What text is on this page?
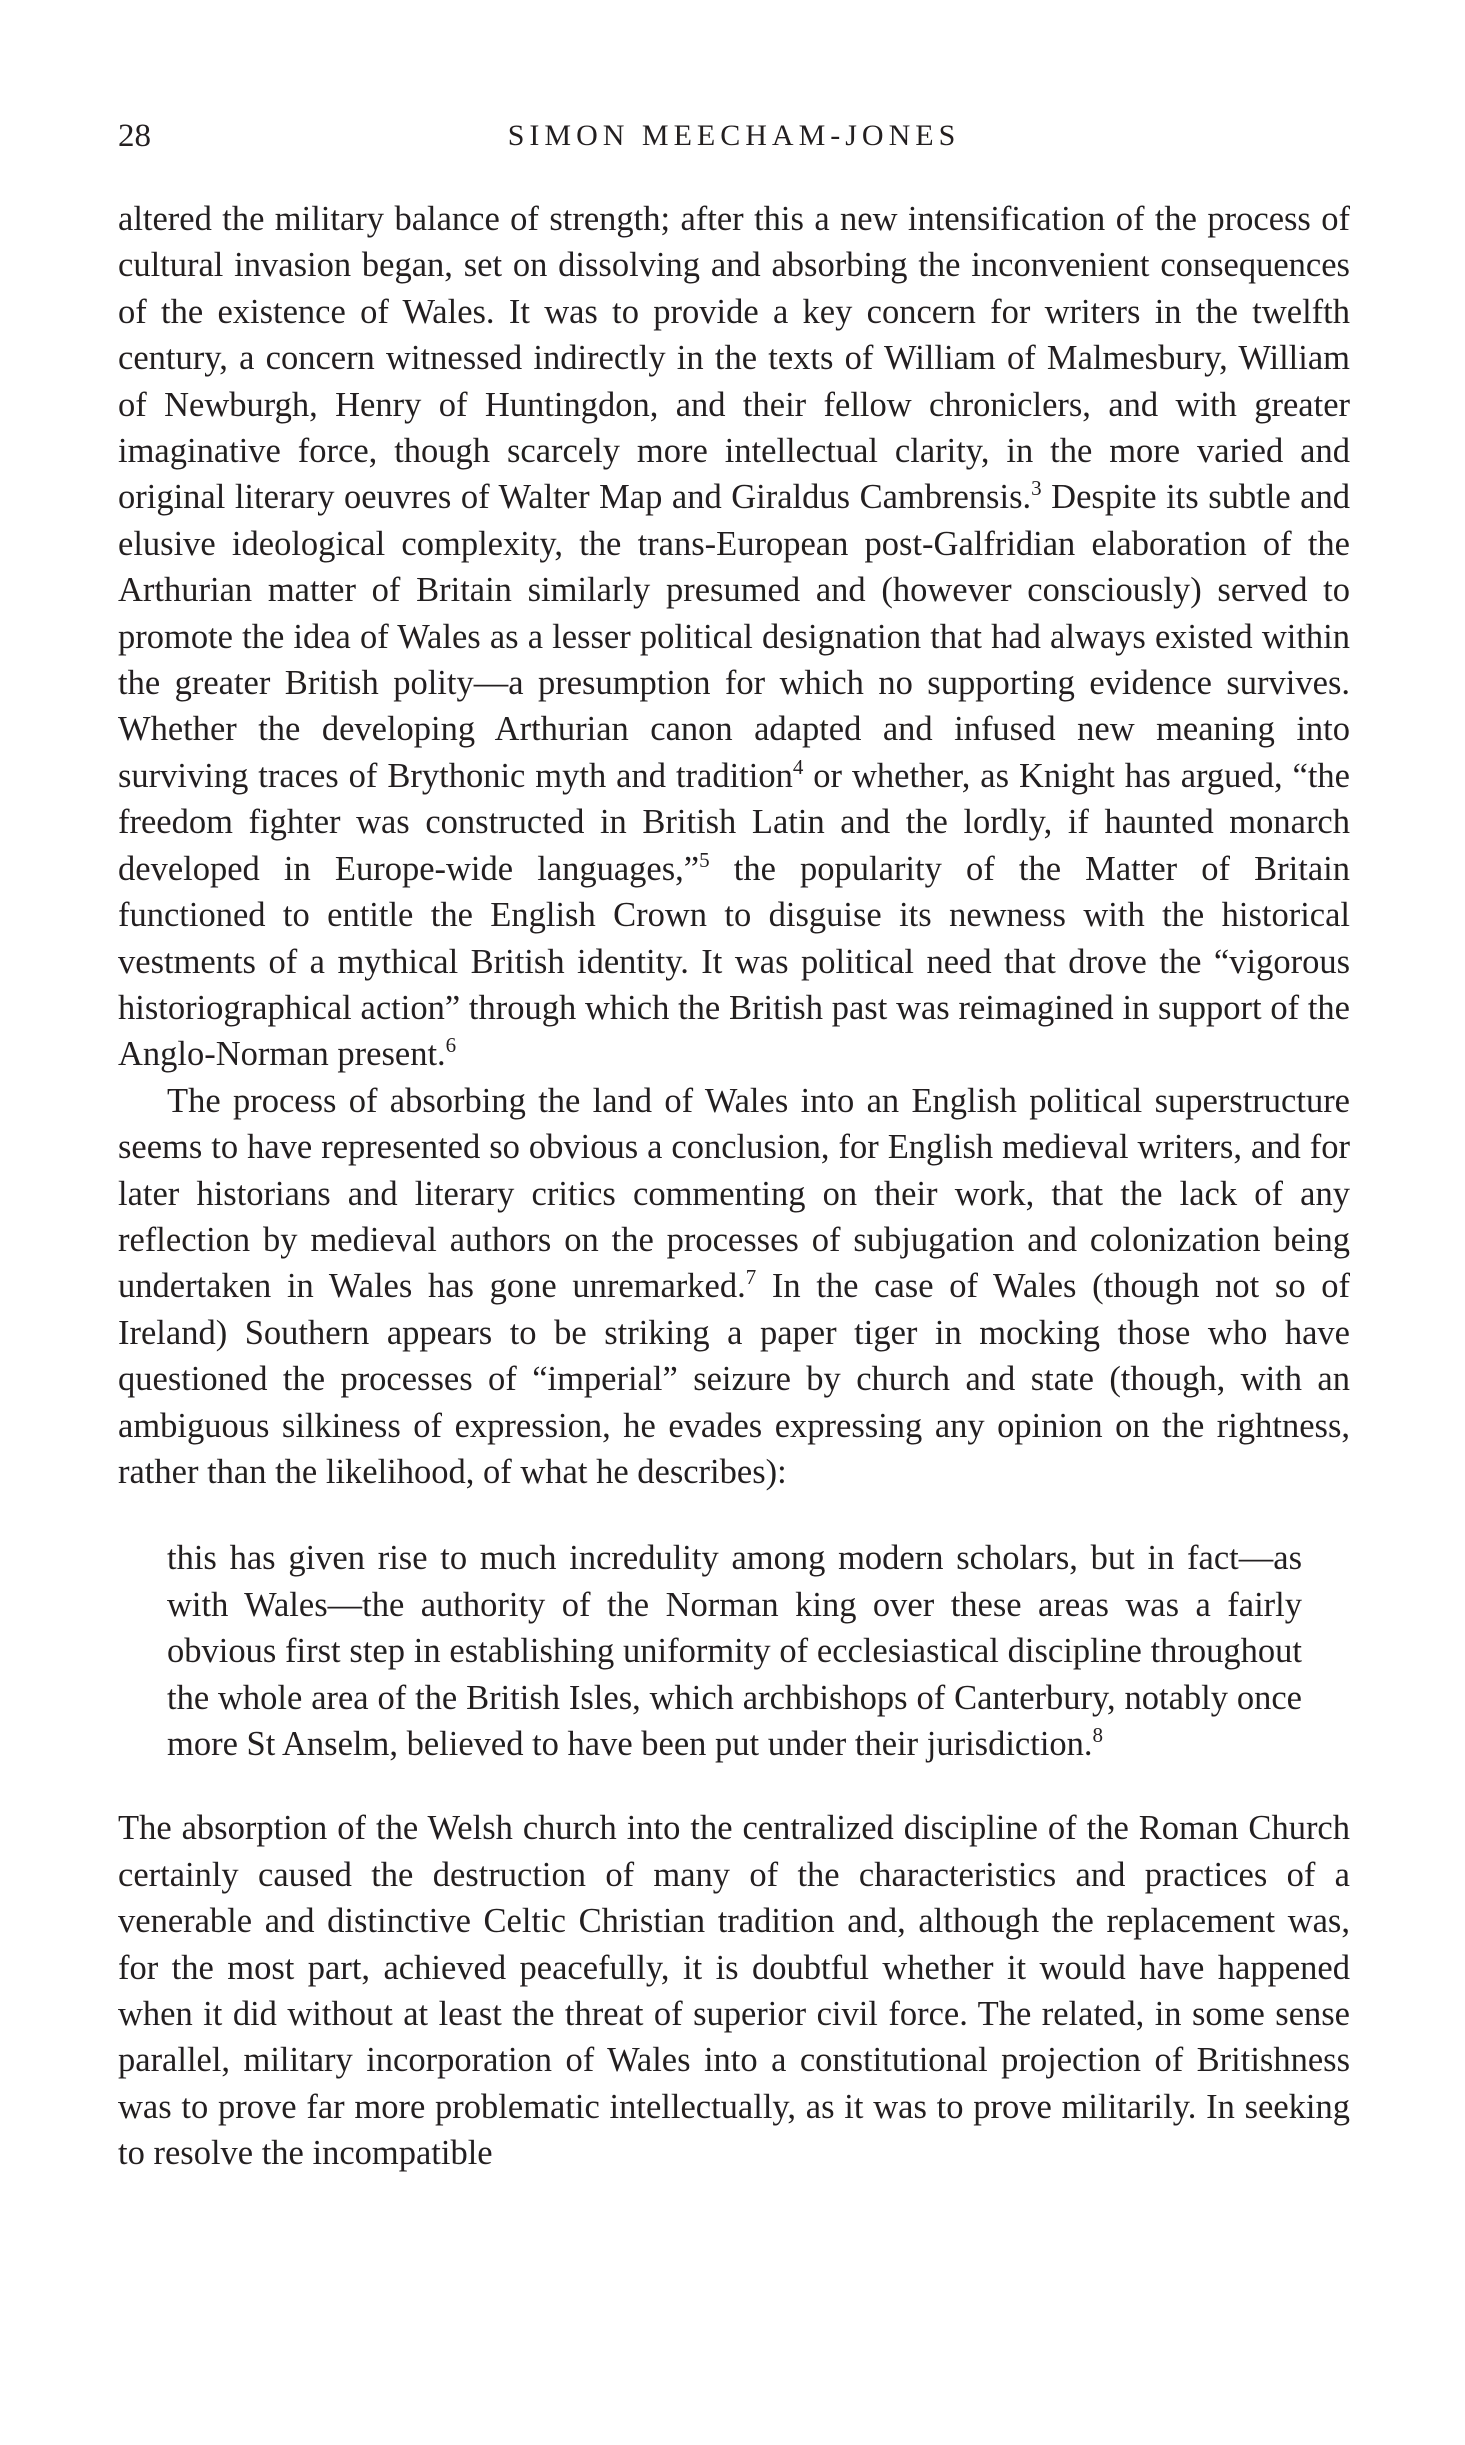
28	SIMON MEECHAM-JONES

altered the military balance of strength; after this a new intensification of the process of cultural invasion began, set on dissolving and absorbing the inconvenient consequences of the existence of Wales. It was to provide a key concern for writers in the twelfth century, a concern witnessed indirectly in the texts of William of Malmesbury, William of Newburgh, Henry of Huntingdon, and their fellow chroniclers, and with greater imaginative force, though scarcely more intellectual clarity, in the more varied and original literary oeuvres of Walter Map and Giraldus Cambrensis.$^3$ Despite its subtle and elusive ideological complexity, the trans-European post-Galfridian elaboration of the Arthurian matter of Britain similarly presumed and (however consciously) served to promote the idea of Wales as a lesser political designation that had always existed within the greater British polity—a presumption for which no supporting evidence survives. Whether the developing Arthurian canon adapted and infused new meaning into surviving traces of Brythonic myth and tradition$^4$ or whether, as Knight has argued, “the freedom fighter was constructed in British Latin and the lordly, if haunted monarch developed in Europe-wide languages,”$^5$ the popularity of the Matter of Britain functioned to entitle the English Crown to disguise its newness with the historical vestments of a mythical British identity. It was political need that drove the “vigorous historiographical action” through which the British past was reimagined in support of the Anglo-Norman present.$^6$

The process of absorbing the land of Wales into an English political superstructure seems to have represented so obvious a conclusion, for English medieval writers, and for later historians and literary critics commenting on their work, that the lack of any reflection by medieval authors on the processes of subjugation and colonization being undertaken in Wales has gone unremarked.$^7$ In the case of Wales (though not so of Ireland) Southern appears to be striking a paper tiger in mocking those who have questioned the processes of “imperial” seizure by church and state (though, with an ambiguous silkiness of expression, he evades expressing any opinion on the rightness, rather than the likelihood, of what he describes):

this has given rise to much incredulity among modern scholars, but in fact—as with Wales—the authority of the Norman king over these areas was a fairly obvious first step in establishing uniformity of ecclesiastical discipline throughout the whole area of the British Isles, which archbishops of Canterbury, notably once more St Anselm, believed to have been put under their jurisdiction.$^8$

The absorption of the Welsh church into the centralized discipline of the Roman Church certainly caused the destruction of many of the characteristics and practices of a venerable and distinctive Celtic Christian tradition and, although the replacement was, for the most part, achieved peacefully, it is doubtful whether it would have happened when it did without at least the threat of superior civil force. The related, in some sense parallel, military incorporation of Wales into a constitutional projection of Britishness was to prove far more problematic intellectually, as it was to prove militarily. In seeking to resolve the incompatible
